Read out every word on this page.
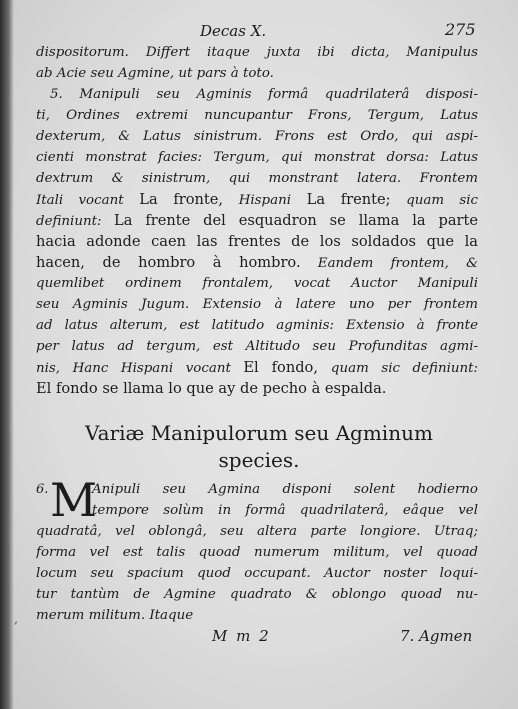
Decas X.	275
dispositorum. Differt itaque juxta ibi dicta, Manipulus
ab Acie seu Agmine, ut pars à toto.
5. Manipuli seu Agminis formâ quadrilaterâ disposi-
ti, Ordines extremi nuncupantur Frons, Tergum, Latus
dexterum, & Latus sinistrum. Frons est Ordo, qui aspi-
cienti monstrat facies: Tergum, qui monstrat dorsa: Latus
dextrum & sinistrum, qui monstrant latera. Frontem
Itali vocant La fronte, Hispani La frente; quam sic
definiunt: La frente del esquadron se llama la parte
hacia adonde caen las frentes de los soldados que la
hacen, de hombro à hombro. Eandem frontem, &
quemlibet ordinem frontalem, vocat Auctor Manipuli
seu Agminis Jugum. Extensio à latere uno per frontem
ad latus alterum, est latitudo agminis: Extensio à fronte
per latus ad tergum, est Altitudo seu Profunditas agmi-
nis, Hanc Hispani vocant El fondo, quam sic definiunt:
El fondo se llama lo que ay de pecho à espalda.
Variæ Manipulorum seu Agminum
species.
6. M
Anipuli seu Agmina disponi solent hodierno
tempore solùm in formâ quadrilaterâ, eâque vel
quadratâ, vel oblongâ, seu altera parte longiore. Utraq;
forma vel est talis quoad numerum militum, vel quoad
locum seu spacium quod occupant. Auctor noster loqui-
tur tantùm de Agmine quadrato & oblongo quoad nu-
merum militum. Itaque
,
M m 2	7. Agmen
